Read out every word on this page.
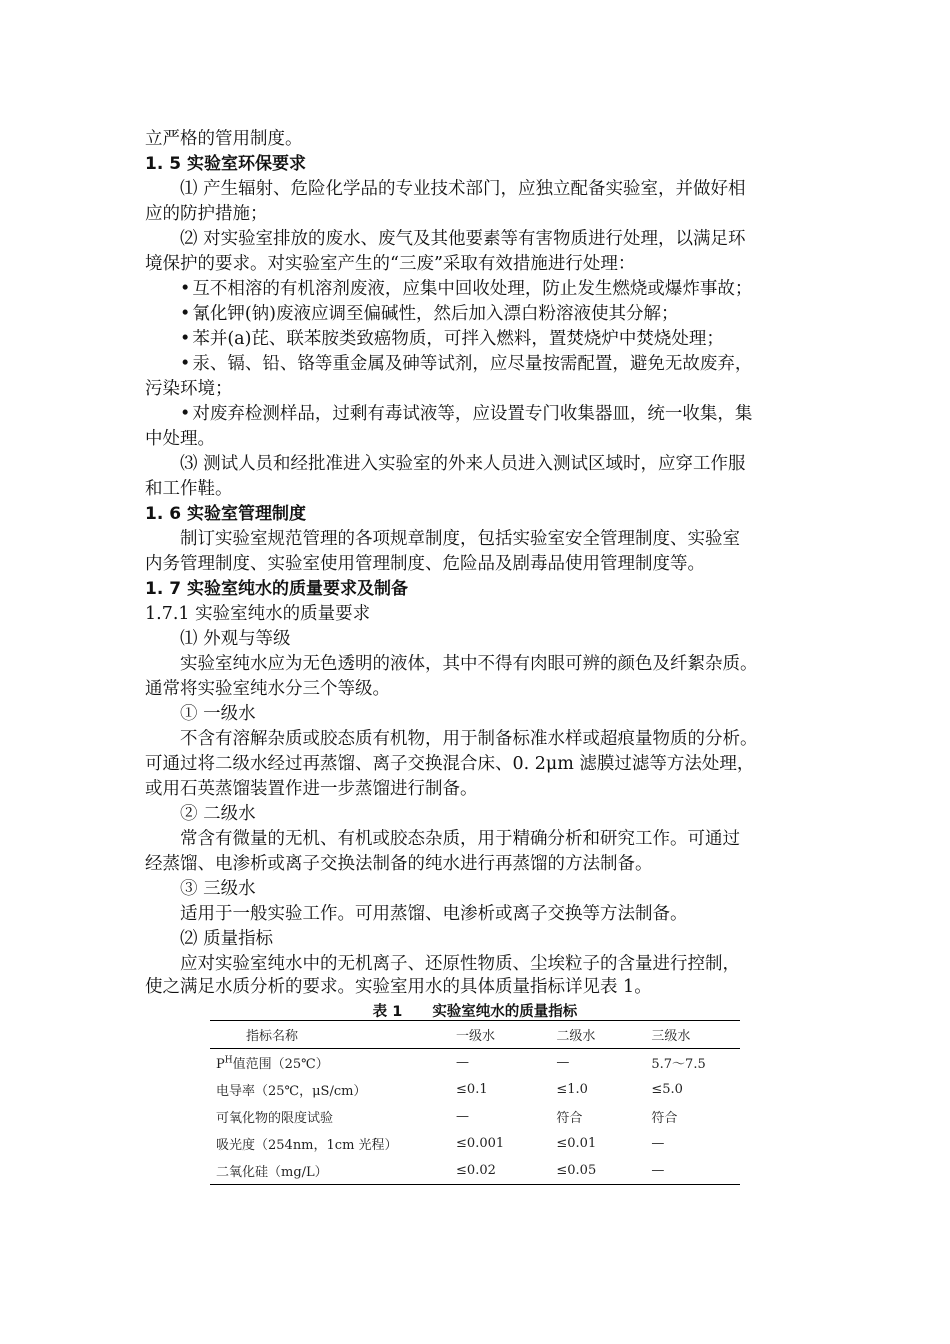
立严格的管用制度。
1. 5 实验室环保要求
⑴ 产生辐射、危险化学品的专业技术部门，应独立配备实验室，并做好相
应的防护措施；
⑵ 对实验室排放的废水、废气及其他要素等有害物质进行处理，以满足环
境保护的要求。对实验室产生的“三废”采取有效措施进行处理：
• 互不相溶的有机溶剂废液，应集中回收处理，防止发生燃烧或爆炸事故；
• 氰化钾(钠)废液应调至偏碱性，然后加入漂白粉溶液使其分解；
• 苯并(a)芘、联苯胺类致癌物质，可拌入燃料，置焚烧炉中焚烧处理；
• 汞、镉、铅、铬等重金属及砷等试剂，应尽量按需配置，避免无故废弃，
污染环境；
• 对废弃检测样品，过剩有毒试液等，应设置专门收集器皿，统一收集，集
中处理。
⑶ 测试人员和经批准进入实验室的外来人员进入测试区域时，应穿工作服
和工作鞋。
1. 6 实验室管理制度
制订实验室规范管理的各项规章制度，包括实验室安全管理制度、实验室
内务管理制度、实验室使用管理制度、危险品及剧毒品使用管理制度等。
1. 7 实验室纯水的质量要求及制备
1.7.1 实验室纯水的质量要求
⑴ 外观与等级
实验室纯水应为无色透明的液体，其中不得有肉眼可辨的颜色及纤絮杂质。
通常将实验室纯水分三个等级。
① 一级水
不含有溶解杂质或胶态质有机物，用于制备标准水样或超痕量物质的分析。
可通过将二级水经过再蒸馏、离子交换混合床、0. 2μm 滤膜过滤等方法处理，
或用石英蒸馏装置作进一步蒸馏进行制备。
② 二级水
常含有微量的无机、有机或胶态杂质，用于精确分析和研究工作。可通过
经蒸馏、电渗析或离子交换法制备的纯水进行再蒸馏的方法制备。
③ 三级水
适用于一般实验工作。可用蒸馏、电渗析或离子交换等方法制备。
⑵ 质量指标
应对实验室纯水中的无机离子、还原性物质、尘埃粒子的含量进行控制，
使之满足水质分析的要求。实验室用水的具体质量指标详见表 1。
表 1 实验室纯水的质量指标
指标名称	一级水	二级水	三级水
$P^H$值范围（25℃）	—	—	5.7～7.5
电导率（25℃，μS/cm）	≤0.1	≤1.0	≤5.0
可氧化物的限度试验	—	符合	符合
吸光度（254nm，1cm 光程）	≤0.001	≤0.01	—
二氧化硅（mg/L）	≤0.02	≤0.05	—
